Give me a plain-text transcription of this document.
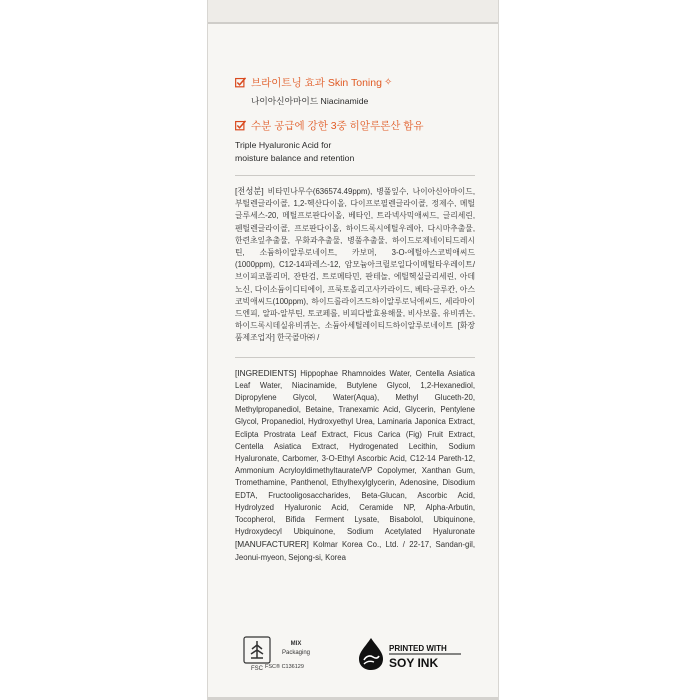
브라이트닝 효과 Skin Toning ✧
나이아신아마이드 Niacinamide
수분 공급에 강한 3중 히알루론산 함유
Triple Hyaluronic Acid for
moisture balance and retention

[전성분] 비타민나무수(636574.49ppm), 병풀잎수, 나이아신아마이드, 부틸렌글라이콜, 1,2-헥산다이올, 다이프로필렌글라이콜, 정제수, 메틸글루세스-20, 메틸프로판다이올, 베타인, 트라넥사믹애씨드, 글리세린, 펜틸렌글라이콜, 프로판다이올, 하이드록시에틸우레아, 다시마추출물, 한련초잎추출물, 무화과추출물, 병풀추출물, 하이드로제네이티드레시틴, 소듐하이알루로네이트, 카보머, 3-O-에틸아스코빅애씨드(1000ppm), C12-14파레스-12, 암모늄아크릴로일다이메틸타우레이트/브이피코폴리머, 잔탄검, 트로메타민, 판테놀, 에틸헥실글리세린, 아데노신, 다이소듐이디티에이, 프룩토올리고사카라이드, 베타-글루칸, 아스코빅애씨드(100ppm), 하이드롤라이즈드하이알루로닉애씨드, 세라마이드엔피, 알파-알부틴, 토코페롤, 비피다발효용해물, 비사보롤, 유비퀴논, 하이드록시데실유비퀴논, 소듐아세틸레이티드하이알루로네이트 [화장품제조업자] 한국콜마㈜ /

[INGREDIENTS] Hippophae Rhamnoides Water, Centella Asiatica Leaf Water, Niacinamide, Butylene Glycol, 1,2-Hexanediol, Dipropylene Glycol, Water(Aqua), Methyl Gluceth-20, Methylpropanediol, Betaine, Tranexamic Acid, Glycerin, Pentylene Glycol, Propanediol, Hydroxyethyl Urea, Laminaria Japonica Extract, Eclipta Prostrata Leaf Extract, Ficus Carica (Fig) Fruit Extract, Centella Asiatica Extract, Hydrogenated Lecithin, Sodium Hyaluronate, Carbomer, 3-O-Ethyl Ascorbic Acid, C12-14 Pareth-12, Ammonium Acryloyldimethyltaurate/VP Copolymer, Xanthan Gum, Tromethamine, Panthenol, Ethylhexylglycerin, Adenosine, Disodium EDTA, Fructooligosaccharides, Beta-Glucan, Ascorbic Acid, Hydrolyzed Hyaluronic Acid, Ceramide NP, Alpha-Arbutin, Tocopherol, Bifida Ferment Lysate, Bisabolol, Ubiquinone, Hydroxydecyl Ubiquinone, Sodium Acetylated Hyaluronate [MANUFACTURER] Kolmar Korea Co., Ltd. / 22-17, Sandan-gil, Jeonui-myeon, Sejong-si, Korea

FSC
MIX
Packaging
FSC® C136129
PRINTED WITH
SOY INK
